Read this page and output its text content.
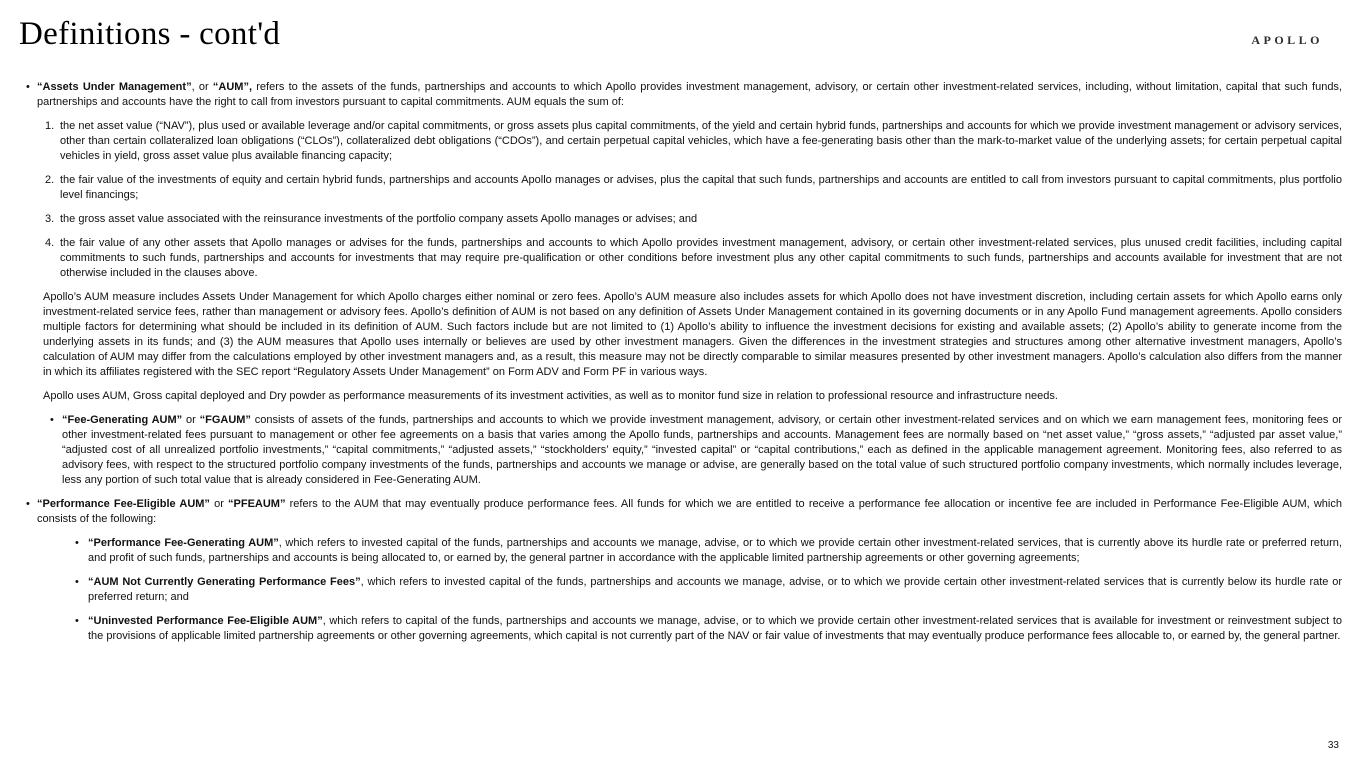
Definitions - cont'd	APOLLO
• “Assets Under Management”, or “AUM”, refers to the assets of the funds, partnerships and accounts to which Apollo provides investment management, advisory, or certain other investment-related services, including, without limitation, capital that such funds, partnerships and accounts have the right to call from investors pursuant to capital commitments. AUM equals the sum of:
1. the net asset value (“NAV”), plus used or available leverage and/or capital commitments, or gross assets plus capital commitments, of the yield and certain hybrid funds, partnerships and accounts for which we provide investment management or advisory services, other than certain collateralized loan obligations (“CLOs”), collateralized debt obligations (“CDOs”), and certain perpetual capital vehicles, which have a fee-generating basis other than the mark-to-market value of the underlying assets; for certain perpetual capital vehicles in yield, gross asset value plus available financing capacity;
2. the fair value of the investments of equity and certain hybrid funds, partnerships and accounts Apollo manages or advises, plus the capital that such funds, partnerships and accounts are entitled to call from investors pursuant to capital commitments, plus portfolio level financings;
3. the gross asset value associated with the reinsurance investments of the portfolio company assets Apollo manages or advises; and
4. the fair value of any other assets that Apollo manages or advises for the funds, partnerships and accounts to which Apollo provides investment management, advisory, or certain other investment-related services, plus unused credit facilities, including capital commitments to such funds, partnerships and accounts for investments that may require pre-qualification or other conditions before investment plus any other capital commitments to such funds, partnerships and accounts available for investment that are not otherwise included in the clauses above.
Apollo’s AUM measure includes Assets Under Management for which Apollo charges either nominal or zero fees. Apollo’s AUM measure also includes assets for which Apollo does not have investment discretion, including certain assets for which Apollo earns only investment-related service fees, rather than management or advisory fees. Apollo’s definition of AUM is not based on any definition of Assets Under Management contained in its governing documents or in any Apollo Fund management agreements. Apollo considers multiple factors for determining what should be included in its definition of AUM. Such factors include but are not limited to (1) Apollo’s ability to influence the investment decisions for existing and available assets; (2) Apollo’s ability to generate income from the underlying assets in its funds; and (3) the AUM measures that Apollo uses internally or believes are used by other investment managers. Given the differences in the investment strategies and structures among other alternative investment managers, Apollo’s calculation of AUM may differ from the calculations employed by other investment managers and, as a result, this measure may not be directly comparable to similar measures presented by other investment managers. Apollo’s calculation also differs from the manner in which its affiliates registered with the SEC report “Regulatory Assets Under Management” on Form ADV and Form PF in various ways.
Apollo uses AUM, Gross capital deployed and Dry powder as performance measurements of its investment activities, as well as to monitor fund size in relation to professional resource and infrastructure needs.
• “Fee-Generating AUM” or “FGAUM” consists of assets of the funds, partnerships and accounts to which we provide investment management, advisory, or certain other investment-related services and on which we earn management fees, monitoring fees or other investment-related fees pursuant to management or other fee agreements on a basis that varies among the Apollo funds, partnerships and accounts. Management fees are normally based on “net asset value,” “gross assets,” “adjusted par asset value,” “adjusted cost of all unrealized portfolio investments,” “capital commitments,” “adjusted assets,” “stockholders’ equity,” “invested capital” or “capital contributions,” each as defined in the applicable management agreement. Monitoring fees, also referred to as advisory fees, with respect to the structured portfolio company investments of the funds, partnerships and accounts we manage or advise, are generally based on the total value of such structured portfolio company investments, which normally includes leverage, less any portion of such total value that is already considered in Fee-Generating AUM.
• “Performance Fee-Eligible AUM” or “PFEAUM” refers to the AUM that may eventually produce performance fees. All funds for which we are entitled to receive a performance fee allocation or incentive fee are included in Performance Fee-Eligible AUM, which consists of the following:
• “Performance Fee-Generating AUM”, which refers to invested capital of the funds, partnerships and accounts we manage, advise, or to which we provide certain other investment-related services, that is currently above its hurdle rate or preferred return, and profit of such funds, partnerships and accounts is being allocated to, or earned by, the general partner in accordance with the applicable limited partnership agreements or other governing agreements;
• “AUM Not Currently Generating Performance Fees”, which refers to invested capital of the funds, partnerships and accounts we manage, advise, or to which we provide certain other investment-related services that is currently below its hurdle rate or preferred return; and
• “Uninvested Performance Fee-Eligible AUM”, which refers to capital of the funds, partnerships and accounts we manage, advise, or to which we provide certain other investment-related services that is available for investment or reinvestment subject to the provisions of applicable limited partnership agreements or other governing agreements, which capital is not currently part of the NAV or fair value of investments that may eventually produce performance fees allocable to, or earned by, the general partner.
33
